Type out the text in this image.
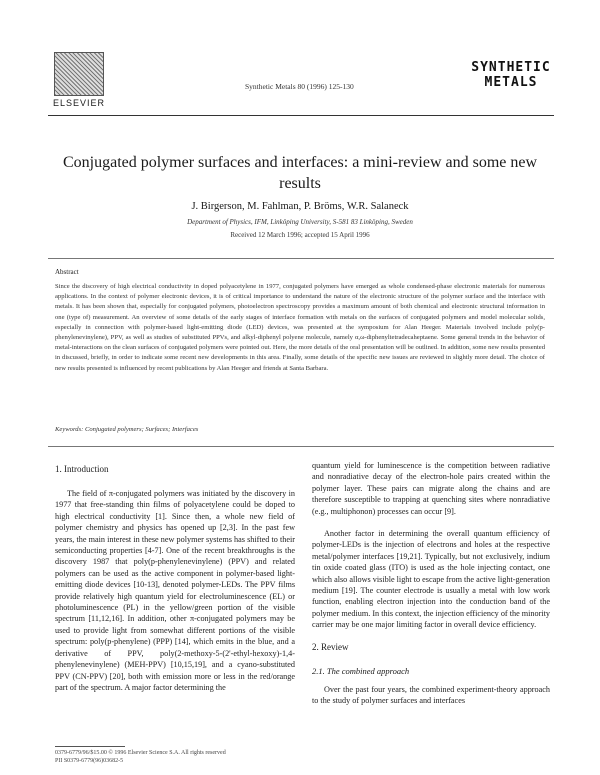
ELSEVIER
Synthetic Metals 80 (1996) 125-130
SYNTHETIC
METALS
Conjugated polymer surfaces and interfaces: a mini-review and some new results
J. Birgerson, M. Fahlman, P. Bröms, W.R. Salaneck
Department of Physics, IFM, Linköping University, S-581 83 Linköping, Sweden
Received 12 March 1996; accepted 15 April 1996
Abstract
Since the discovery of high electrical conductivity in doped polyacetylene in 1977, conjugated polymers have emerged as whole condensed-phase electronic materials for numerous applications. In the context of polymer electronic devices, it is of critical importance to understand the nature of the electronic structure of the polymer surface and the interface with metals. It has been shown that, especially for conjugated polymers, photoelectron spectroscopy provides a maximum amount of both chemical and electronic structural information in one (type of) measurement. An overview of some details of the early stages of interface formation with metals on the surfaces of conjugated polymers and model molecular solids, especially in connection with polymer-based light-emitting diode (LED) devices, was presented at the symposium for Alan Heeger. Materials involved include poly(p-phenylenevinylene), PPV, as well as studies of substituted PPVs, and alkyl-diphenyl polyene molecule, namely α,ω-diphenyltetradecaheptaene. Some general trends in the behavior of metal-interactions on the clean surfaces of conjugated polymers were pointed out. Here, the more details of the oral presentation will be outlined. In addition, some new results presented in discussed, briefly, in order to indicate some recent new developments in this area. Finally, some details of the specific new issues are reviewed in slightly more detail. The choice of new results presented is influenced by recent publications by Alan Heeger and friends at Santa Barbara.
Keywords: Conjugated polymers; Surfaces; Interfaces
1. Introduction
The field of π-conjugated polymers was initiated by the discovery in 1977 that free-standing thin films of polyacetylene could be doped to high electrical conductivity [1]. Since then, a whole new field of polymer chemistry and physics has opened up [2,3]. In the past few years, the main interest in these new polymer systems has shifted to their semiconducting properties [4-7]. One of the recent breakthroughs is the discovery 1987 that poly(p-phenylenevinylene) (PPV) and related polymers can be used as the active component in polymer-based light-emitting diode devices [10-13], denoted polymer-LEDs. The PPV films provide relatively high quantum yield for electroluminescence (EL) or photoluminescence (PL) in the yellow/green portion of the visible spectrum [11,12,16]. In addition, other π-conjugated polymers may be used to provide light from somewhat different portions of the visible spectrum: poly(p-phenylene) (PPP) [14], which emits in the blue, and a derivative of PPV, poly(2-methoxy-5-(2'-ethyl-hexoxy)-1,4-phenylenevinylene) (MEH-PPV) [10,15,19], and a cyano-substituted PPV (CN-PPV) [20], both with emission more or less in the red/orange part of the spectrum. A major factor determining the
quantum yield for luminescence is the competition between radiative and nonradiative decay of the electron-hole pairs created within the polymer layer. These pairs can migrate along the chains and are therefore susceptible to trapping at quenching sites where nonradiative (e.g., multiphonon) processes can occur [9].
Another factor in determining the overall quantum efficiency of polymer-LEDs is the injection of electrons and holes at the respective metal/polymer interfaces [19,21]. Typically, but not exclusively, indium tin oxide coated glass (ITO) is used as the hole injecting contact, one which also allows visible light to escape from the active light-generation medium [19]. The counter electrode is usually a metal with low work function, enabling electron injection into the conduction band of the polymer medium. In this context, the injection efficiency of the minority carrier may be one major limiting factor in overall device efficiency.
2. Review
2.1. The combined approach
Over the past four years, the combined experiment-theory approach to the study of polymer surfaces and interfaces
0379-6779/96/$15.00 © 1996 Elsevier Science S.A. All rights reserved
PII S0379-6779(96)03682-5
